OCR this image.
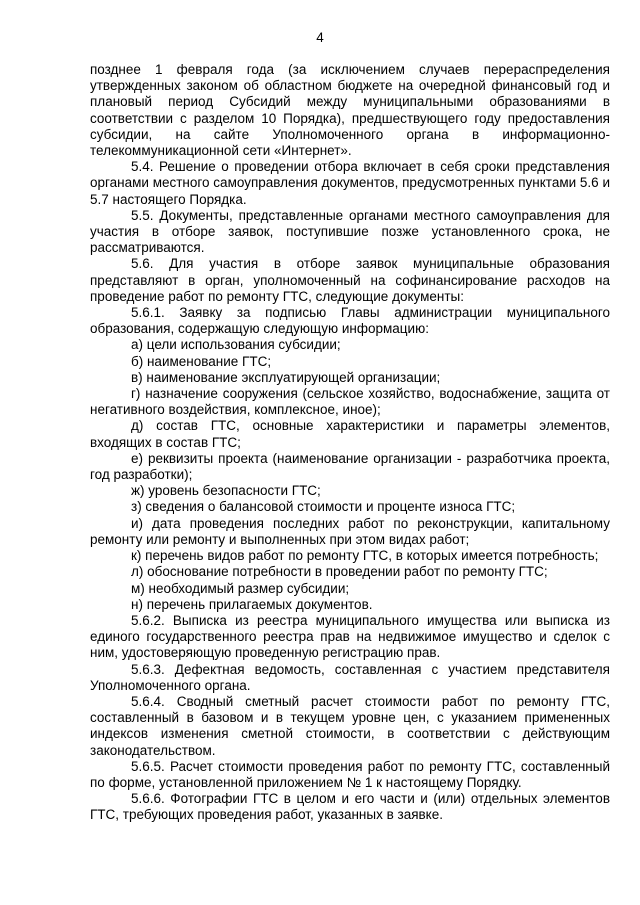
4

позднее 1 февраля года (за исключением случаев перераспределения утвержденных законом об областном бюджете на очередной финансовый год и плановый период Субсидий между муниципальными образованиями в соответствии с разделом 10 Порядка), предшествующего году предоставления субсидии, на сайте Уполномоченного органа в информационно-телекоммуникационной сети «Интернет».

5.4. Решение о проведении отбора включает в себя сроки представления органами местного самоуправления документов, предусмотренных пунктами 5.6 и 5.7 настоящего Порядка.

5.5. Документы, представленные органами местного самоуправления для участия в отборе заявок, поступившие позже установленного срока, не рассматриваются.

5.6. Для участия в отборе заявок муниципальные образования представляют в орган, уполномоченный на софинансирование расходов на проведение работ по ремонту ГТС, следующие документы:

5.6.1. Заявку за подписью Главы администрации муниципального образования, содержащую следующую информацию:

а) цели использования субсидии;

б) наименование ГТС;

в) наименование эксплуатирующей организации;

г) назначение сооружения (сельское хозяйство, водоснабжение, защита от негативного воздействия, комплексное, иное);

д) состав ГТС, основные характеристики и параметры элементов, входящих в состав ГТС;

е) реквизиты проекта (наименование организации - разработчика проекта, год разработки);

ж) уровень безопасности ГТС;

з) сведения о балансовой стоимости и проценте износа ГТС;

и) дата проведения последних работ по реконструкции, капитальному ремонту или ремонту и выполненных при этом видах работ;

к) перечень видов работ по ремонту ГТС, в которых имеется потребность;

л) обоснование потребности в проведении работ по ремонту ГТС;

м) необходимый размер субсидии;

н) перечень прилагаемых документов.

5.6.2. Выписка из реестра муниципального имущества или выписка из единого государственного реестра прав на недвижимое имущество и сделок с ним, удостоверяющую проведенную регистрацию прав.

5.6.3. Дефектная ведомость, составленная с участием представителя Уполномоченного органа.

5.6.4. Сводный сметный расчет стоимости работ по ремонту ГТС, составленный в базовом и в текущем уровне цен, с указанием примененных индексов изменения сметной стоимости, в соответствии с действующим законодательством.

5.6.5. Расчет стоимости проведения работ по ремонту ГТС, составленный по форме, установленной приложением № 1 к настоящему Порядку.

5.6.6. Фотографии ГТС в целом и его части и (или) отдельных элементов ГТС, требующих проведения работ, указанных в заявке.
